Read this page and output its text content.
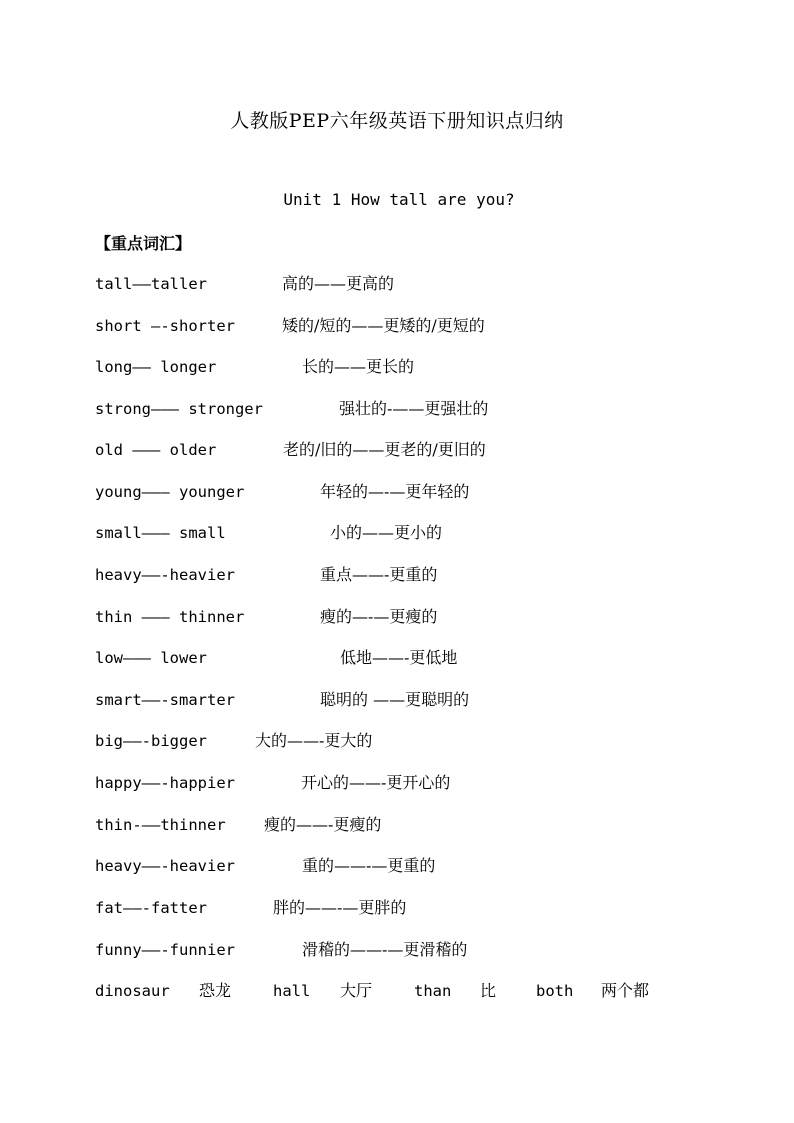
人教版PEP六年级英语下册知识点归纳
Unit 1 How tall are you?
【重点词汇】
tall——taller	高的——更高的
short —-shorter	矮的/短的——更矮的/更短的
long—— longer	长的——更长的
strong——— stronger	强壮的-——更强壮的
old ——— older	老的/旧的——更老的/更旧的
young——— younger	年轻的—-—更年轻的
small——— small	小的——更小的
heavy——-heavier	重点——-更重的
thin ——— thinner	瘦的—-—更瘦的
low——— lower	低地——-更低地
smart——-smarter	聪明的 ——更聪明的
big——-bigger	大的——-更大的
happy——-happier	开心的——-更开心的
thin-——thinner 瘦的——-更瘦的
heavy——-heavier	重的——-—更重的
fat——-fatter	胖的——-—更胖的
funny——-funnier	滑稽的——-—更滑稽的
dinosaur 恐龙	hall 大厅	than 比	both 两个都
